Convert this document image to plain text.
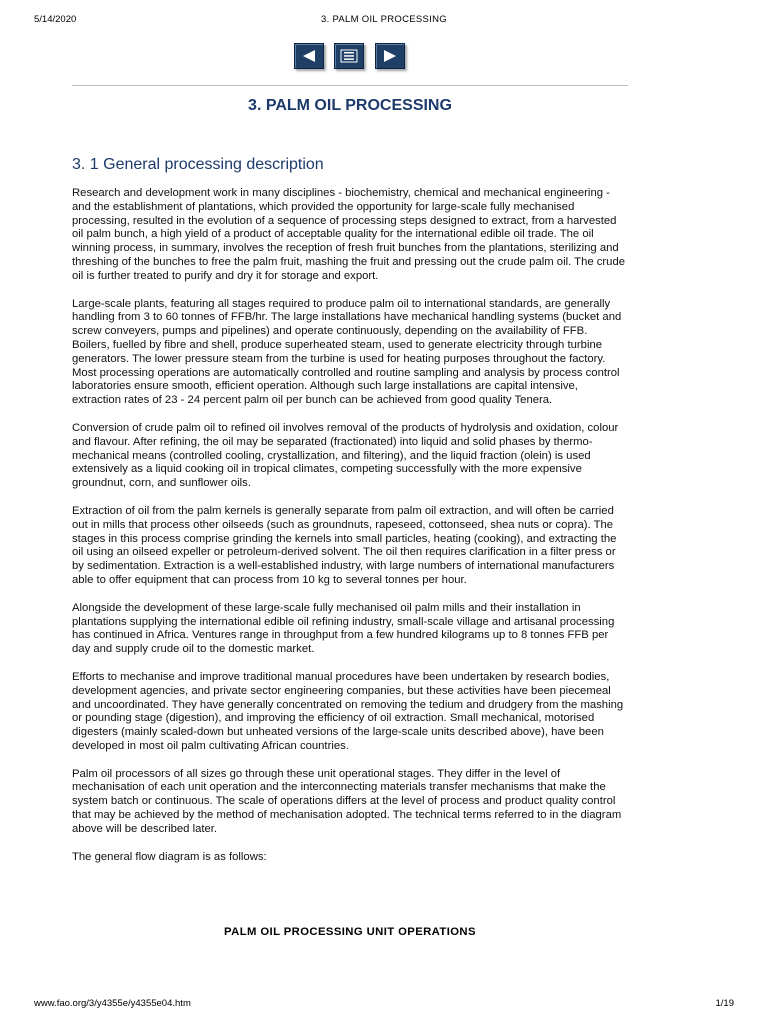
5/14/2020	3. PALM OIL PROCESSING
3. PALM OIL PROCESSING
3. 1 General processing description

Research and development work in many disciplines - biochemistry, chemical and mechanical engineering - and the establishment of plantations, which provided the opportunity for large-scale fully mechanised processing, resulted in the evolution of a sequence of processing steps designed to extract, from a harvested oil palm bunch, a high yield of a product of acceptable quality for the international edible oil trade. The oil winning process, in summary, involves the reception of fresh fruit bunches from the plantations, sterilizing and threshing of the bunches to free the palm fruit, mashing the fruit and pressing out the crude palm oil. The crude oil is further treated to purify and dry it for storage and export.

Large-scale plants, featuring all stages required to produce palm oil to international standards, are generally handling from 3 to 60 tonnes of FFB/hr. The large installations have mechanical handling systems (bucket and screw conveyers, pumps and pipelines) and operate continuously, depending on the availability of FFB. Boilers, fuelled by fibre and shell, produce superheated steam, used to generate electricity through turbine generators. The lower pressure steam from the turbine is used for heating purposes throughout the factory. Most processing operations are automatically controlled and routine sampling and analysis by process control laboratories ensure smooth, efficient operation. Although such large installations are capital intensive, extraction rates of 23 - 24 percent palm oil per bunch can be achieved from good quality Tenera.

Conversion of crude palm oil to refined oil involves removal of the products of hydrolysis and oxidation, colour and flavour. After refining, the oil may be separated (fractionated) into liquid and solid phases by thermo-mechanical means (controlled cooling, crystallization, and filtering), and the liquid fraction (olein) is used extensively as a liquid cooking oil in tropical climates, competing successfully with the more expensive groundnut, corn, and sunflower oils.

Extraction of oil from the palm kernels is generally separate from palm oil extraction, and will often be carried out in mills that process other oilseeds (such as groundnuts, rapeseed, cottonseed, shea nuts or copra). The stages in this process comprise grinding the kernels into small particles, heating (cooking), and extracting the oil using an oilseed expeller or petroleum-derived solvent. The oil then requires clarification in a filter press or by sedimentation. Extraction is a well-established industry, with large numbers of international manufacturers able to offer equipment that can process from 10 kg to several tonnes per hour.

Alongside the development of these large-scale fully mechanised oil palm mills and their installation in plantations supplying the international edible oil refining industry, small-scale village and artisanal processing has continued in Africa. Ventures range in throughput from a few hundred kilograms up to 8 tonnes FFB per day and supply crude oil to the domestic market.

Efforts to mechanise and improve traditional manual procedures have been undertaken by research bodies, development agencies, and private sector engineering companies, but these activities have been piecemeal and uncoordinated. They have generally concentrated on removing the tedium and drudgery from the mashing or pounding stage (digestion), and improving the efficiency of oil extraction. Small mechanical, motorised digesters (mainly scaled-down but unheated versions of the large-scale units described above), have been developed in most oil palm cultivating African countries.

Palm oil processors of all sizes go through these unit operational stages. They differ in the level of mechanisation of each unit operation and the interconnecting materials transfer mechanisms that make the system batch or continuous. The scale of operations differs at the level of process and product quality control that may be achieved by the method of mechanisation adopted. The technical terms referred to in the diagram above will be described later.

The general flow diagram is as follows:

PALM OIL PROCESSING UNIT OPERATIONS
www.fao.org/3/y4355e/y4355e04.htm	1/19
